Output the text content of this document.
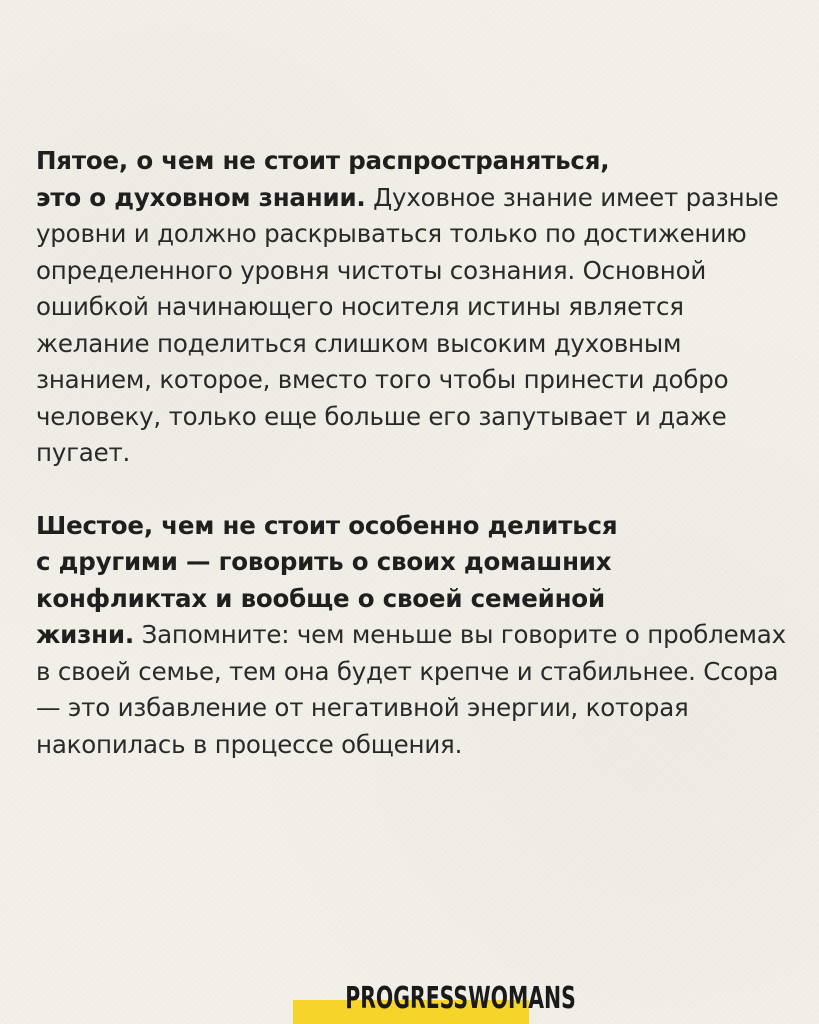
Пятое, о чем не стоит распространяться,
это о духовном знании. Духовное знание имеет разные уровни и должно раскрываться только по достижению определенного уровня чистоты сознания. Основной ошибкой начинающего носителя истины является желание поделиться слишком высоким духовным знанием, которое, вместо того чтобы принести добро человеку, только еще больше его запутывает и даже пугает.

Шестое, чем не стоит особенно делиться
с другими — говорить о своих домашних
конфликтах и вообще о своей семейной
жизни. Запомните: чем меньше вы говорите о проблемах в своей семье, тем она будет крепче и стабильнее. Ссора — это избавление от негативной энергии, которая накопилась в процессе общения.

PROGRESSWOMANS
